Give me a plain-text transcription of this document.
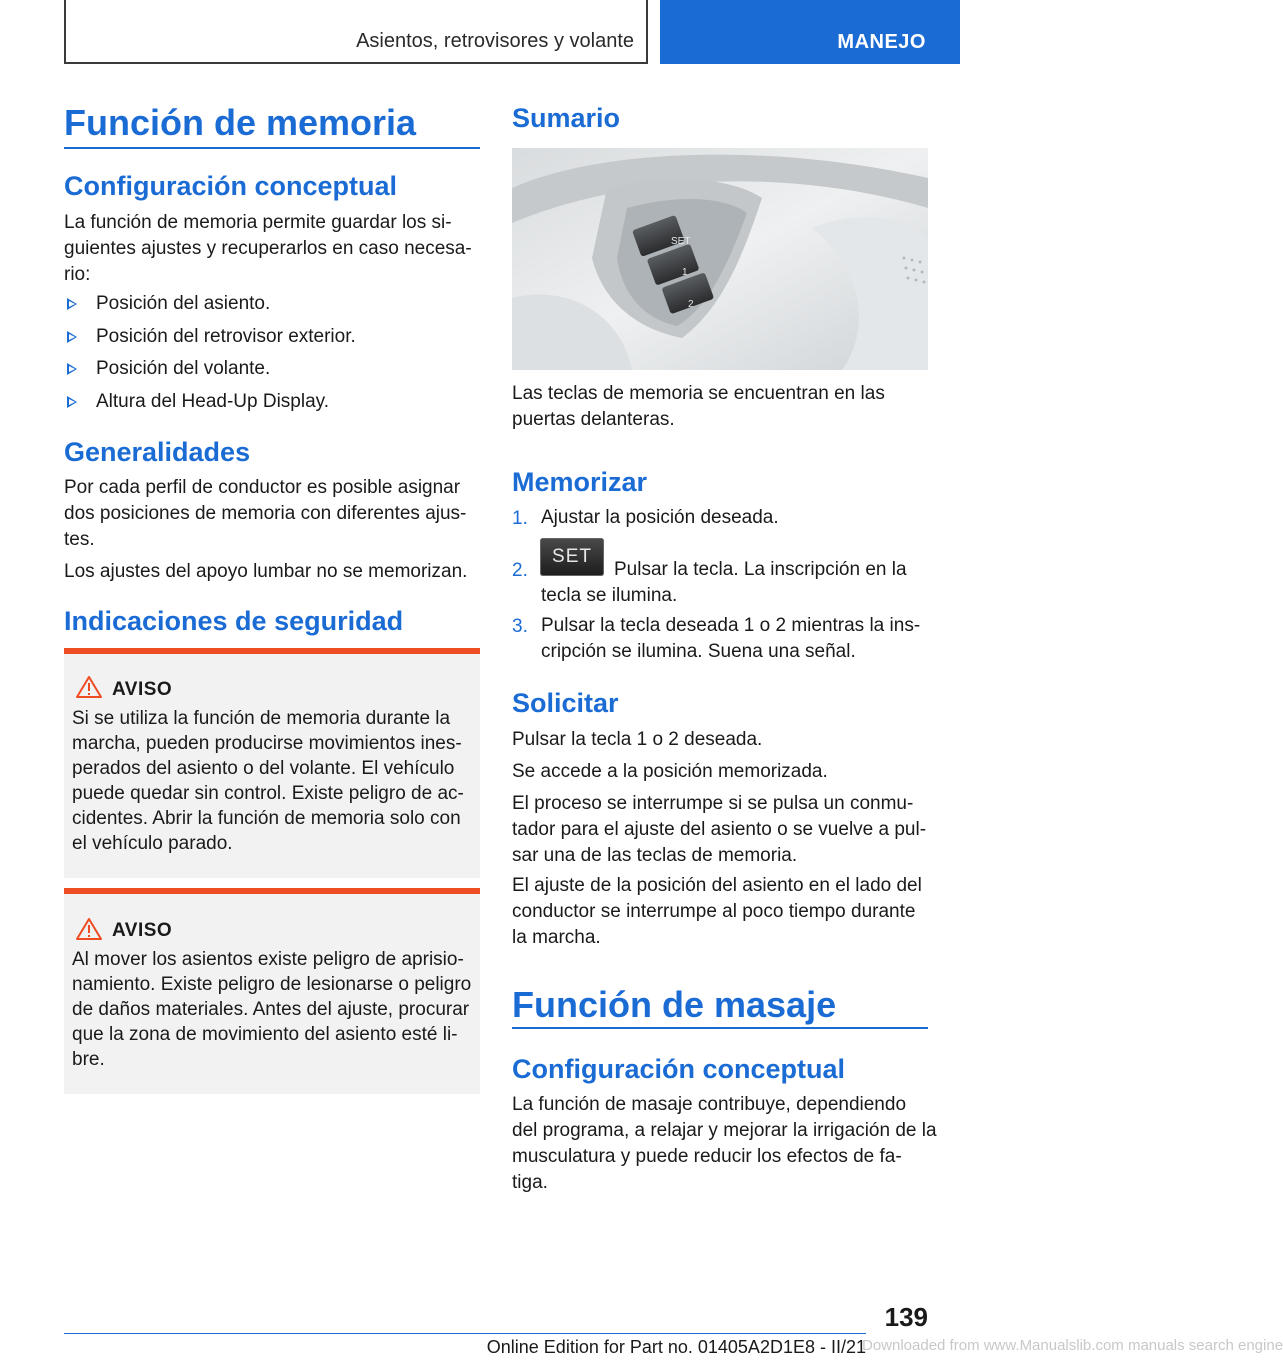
Asientos, retrovisores y volante	MANEJO
Función de memoria
Configuración conceptual
La función de memoria permite guardar los si-
guientes ajustes y recuperarlos en caso necesa-
rio:
Posición del asiento.
Posición del retrovisor exterior.
Posición del volante.
Altura del Head-Up Display.
Generalidades
Por cada perfil de conductor es posible asignar
dos posiciones de memoria con diferentes ajus-
tes.
Los ajustes del apoyo lumbar no se memorizan.
Indicaciones de seguridad
AVISO
Si se utiliza la función de memoria durante la
marcha, pueden producirse movimientos ines-
perados del asiento o del volante. El vehículo
puede quedar sin control. Existe peligro de ac-
cidentes. Abrir la función de memoria solo con
el vehículo parado.
AVISO
Al mover los asientos existe peligro de aprisio-
namiento. Existe peligro de lesionarse o peligro
de daños materiales. Antes del ajuste, procurar
que la zona de movimiento del asiento esté li-
bre.
Sumario
SET
1
2
Las teclas de memoria se encuentran en las
puertas delanteras.
Memorizar
1. Ajustar la posición deseada.
2.
SET
Pulsar la tecla. La inscripción en la
tecla se ilumina.
3. Pulsar la tecla deseada 1 o 2 mientras la ins-
cripción se ilumina. Suena una señal.
Solicitar
Pulsar la tecla 1 o 2 deseada.
Se accede a la posición memorizada.
El proceso se interrumpe si se pulsa un conmu-
tador para el ajuste del asiento o se vuelve a pul-
sar una de las teclas de memoria.
El ajuste de la posición del asiento en el lado del
conductor se interrumpe al poco tiempo durante
la marcha.
Función de masaje
Configuración conceptual
La función de masaje contribuye, dependiendo
del programa, a relajar y mejorar la irrigación de la
musculatura y puede reducir los efectos de fa-
tiga.
139
Online Edition for Part no. 01405A2D1E8 - II/21
Downloaded from www.Manualslib.com manuals search engine
